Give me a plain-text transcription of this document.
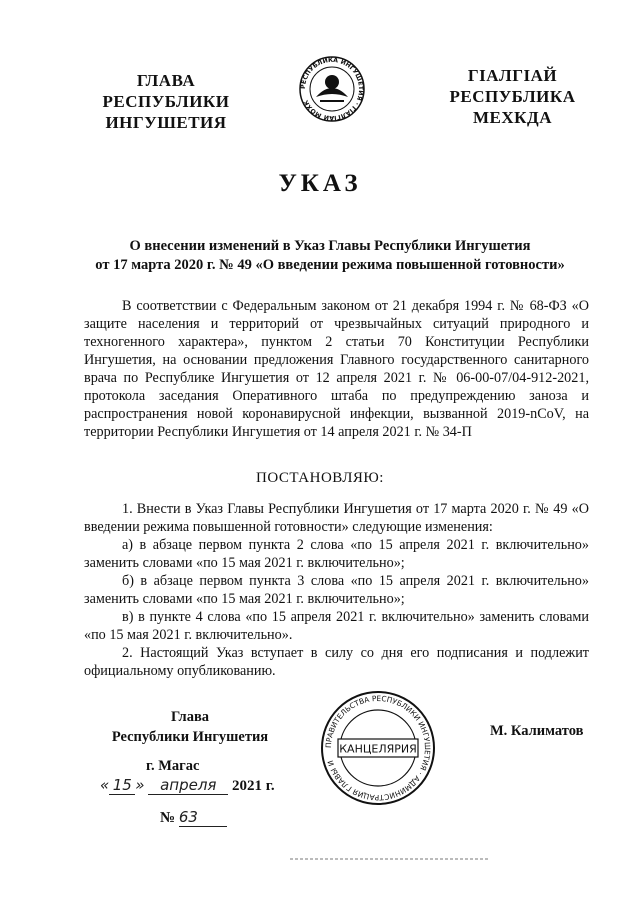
ГЛАВА
РЕСПУБЛИКИ
ИНГУШЕТИЯ
РЕСПУБЛИКА ИНГУШЕТИЯ · ГIАЛГIАЙ МОХК
ГIАЛГIАЙ
РЕСПУБЛИКА
МЕХКДА
УКАЗ
О внесении изменений в Указ Главы Республики Ингушетия
от 17 марта 2020 г. № 49 «О введении режима повышенной готовности»
В соответствии с Федеральным законом от 21 декабря 1994 г. № 68-ФЗ «О защите населения и территорий от чрезвычайных ситуаций природного и техногенного характера», пунктом 2 статьи 70 Конституции Республики Ингушетия, на основании предложения Главного государственного санитарного врача по Республике Ингушетия от 12 апреля 2021 г. № 06-00-07/04-912-2021, протокола заседания Оперативного штаба по предупреждению заноза и распространения новой коронавирусной инфекции, вызванной 2019-nCoV, на территории Республики Ингушетия от 14 апреля 2021 г. № 34-П
ПОСТАНОВЛЯЮ:

1. Внести в Указ Главы Республики Ингушетия от 17 марта 2020 г. № 49 «О введении режима повышенной готовности» следующие изменения:

а) в абзаце первом пункта 2 слова «по 15 апреля 2021 г. включительно» заменить словами «по 15 мая 2021 г. включительно»;

б) в абзаце первом пункта 3 слова «по 15 апреля 2021 г. включительно» заменить словами «по 15 мая 2021 г. включительно»;

в) в пункте 4 слова «по 15 апреля 2021 г. включительно» заменить словами «по 15 мая 2021 г. включительно».

2. Настоящий Указ вступает в силу со дня его подписания и подлежит официальному опубликованию.

Глава
Республики Ингушетия
ПРАВИТЕЛЬСТВА РЕСПУБЛИКИ ИНГУШЕТИЯ · АДМИНИСТРАЦИЯ ГЛАВЫ И
КАНЦЕЛЯРИЯ
М. Калиматов
г. Магас
« 15 » апреля 2021 г.
№ 63
